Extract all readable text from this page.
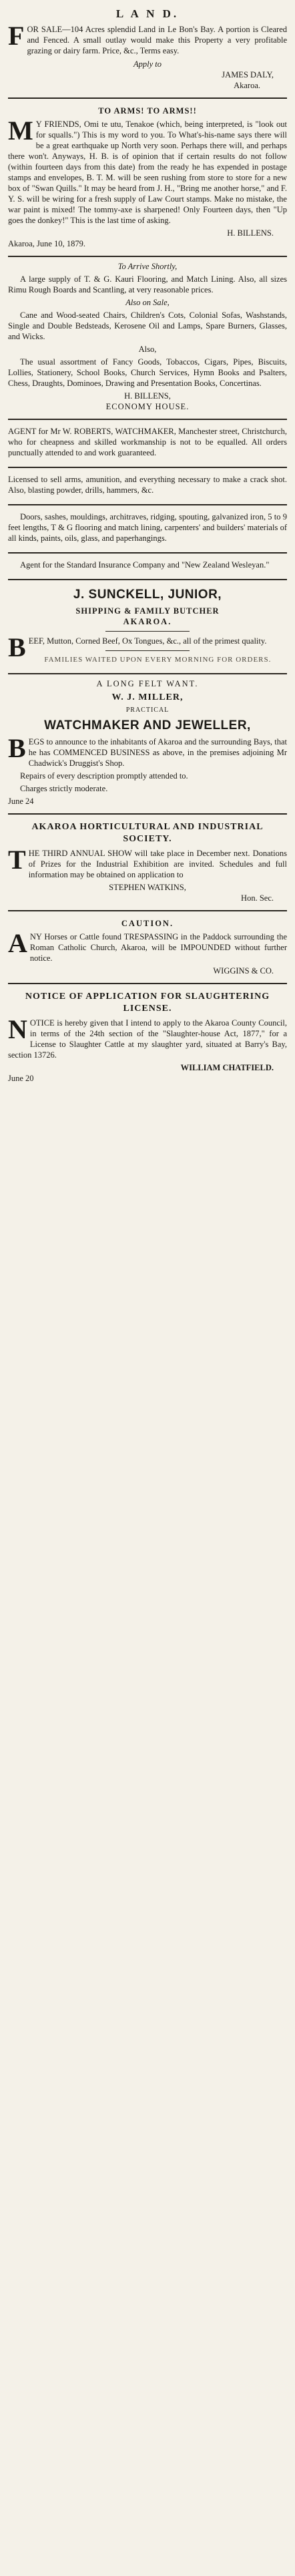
L A N D.

FOR SALE—104 Acres splendid Land in Le Bon's Bay. A portion is Cleared and Fenced. A small outlay would make this Property a very profitable grazing or dairy farm. Price, &c., Terms easy.

Apply to
JAMES DALY,
Akaroa.
TO ARMS! TO ARMS!!

M Y FRIENDS, Omi te utu, Tenakoe (which, being interpreted, is "look out for squalls.") This is my word to you. To What's-his-name says there will be a great earthquake up North very soon. Perhaps there will, and perhaps there won't. Anyways, H. B. is of opinion that if certain results do not follow (within fourteen days from this date) from the ready he has expended in postage stamps and envelopes, B. T. M. will be seen rushing from store to store for a new box of "Swan Quills." It may be heard from J. H., "Bring me another horse," and F. Y. S. will be wiring for a fresh supply of Law Court stamps. Make no mistake, the war paint is mixed! The tommy-axe is sharpened! Only Fourteen days, then "Up goes the donkey!" This is the last time of asking.

H. BILLENS.
Akaroa, June 10, 1879.
To Arrive Shortly,

A large supply of T. & G. Kauri Flooring, and Match Lining. Also, all sizes Rimu Rough Boards and Scantling, at very reasonable prices.

Also on Sale,

Cane and Wood-seated Chairs, Children's Cots, Colonial Sofas, Washstands, Single and Double Bedsteads, Kerosene Oil and Lamps, Spare Burners, Glasses, and Wicks.

Also,

The usual assortment of Fancy Goods, Tobaccos, Cigars, Pipes, Biscuits, Lollies, Stationery, School Books, Church Services, Hymn Books and Psalters, Chess, Draughts, Dominoes, Drawing and Presentation Books, Concertinas.

H. BILLENS,
ECONOMY HOUSE.

AGENT for Mr W. ROBERTS, WATCHMAKER, Manchester street, Christchurch, who for cheapness and skilled workmanship is not to be equalled. All orders punctually attended to and work guaranteed.

Licensed to sell arms, amunition, and everything necessary to make a crack shot. Also, blasting powder, drills, hammers, &c.

Doors, sashes, mouldings, architraves, ridging, spouting, galvanized iron, 5 to 9 feet lengths, T & G flooring and match lining, carpenters' and builders' materials of all kinds, paints, oils, glass, and paperhangings.

Agent for the Standard Insurance Company and "New Zealand Wesleyan."

J. SUNCKELL, JUNIOR,
SHIPPING & FAMILY BUTCHER
AKAROA.

BEEF, Mutton, Corned Beef, Ox Tongues, &c., all of the primest quality.

FAMILIES WAITED UPON EVERY MORNING FOR ORDERS.

A LONG FELT WANT.
W. J. MILLER,
PRACTICAL
WATCHMAKER AND JEWELLER,

BEGS to announce to the inhabitants of Akaroa and the surrounding Bays, that he has COMMENCED BUSINESS as above, in the premises adjoining Mr Chadwick's Druggist's Shop.

Repairs of every description promptly attended to.

Charges strictly moderate.

June 24
AKAROA HORTICULTURAL AND INDUSTRIAL SOCIETY.

THE THIRD ANNUAL SHOW will take place in December next. Donations of Prizes for the Industrial Exhibition are invited. Schedules and full information may be obtained on application to

STEPHEN WATKINS,
Hon. Sec.
CAUTION.

ANY Horses or Cattle found TRESPASSING in the Paddock surrounding the Roman Catholic Church, Akaroa, will be IMPOUNDED without further notice.

WIGGINS & CO.
NOTICE OF APPLICATION FOR SLAUGHTERING LICENSE.

NOTICE is hereby given that I intend to apply to the Akaroa County Council, in terms of the 24th section of the "Slaughter-house Act, 1877," for a License to Slaughter Cattle at my slaughter yard, situated at Barry's Bay, section 13726.

WILLIAM CHATFIELD.
June 20
